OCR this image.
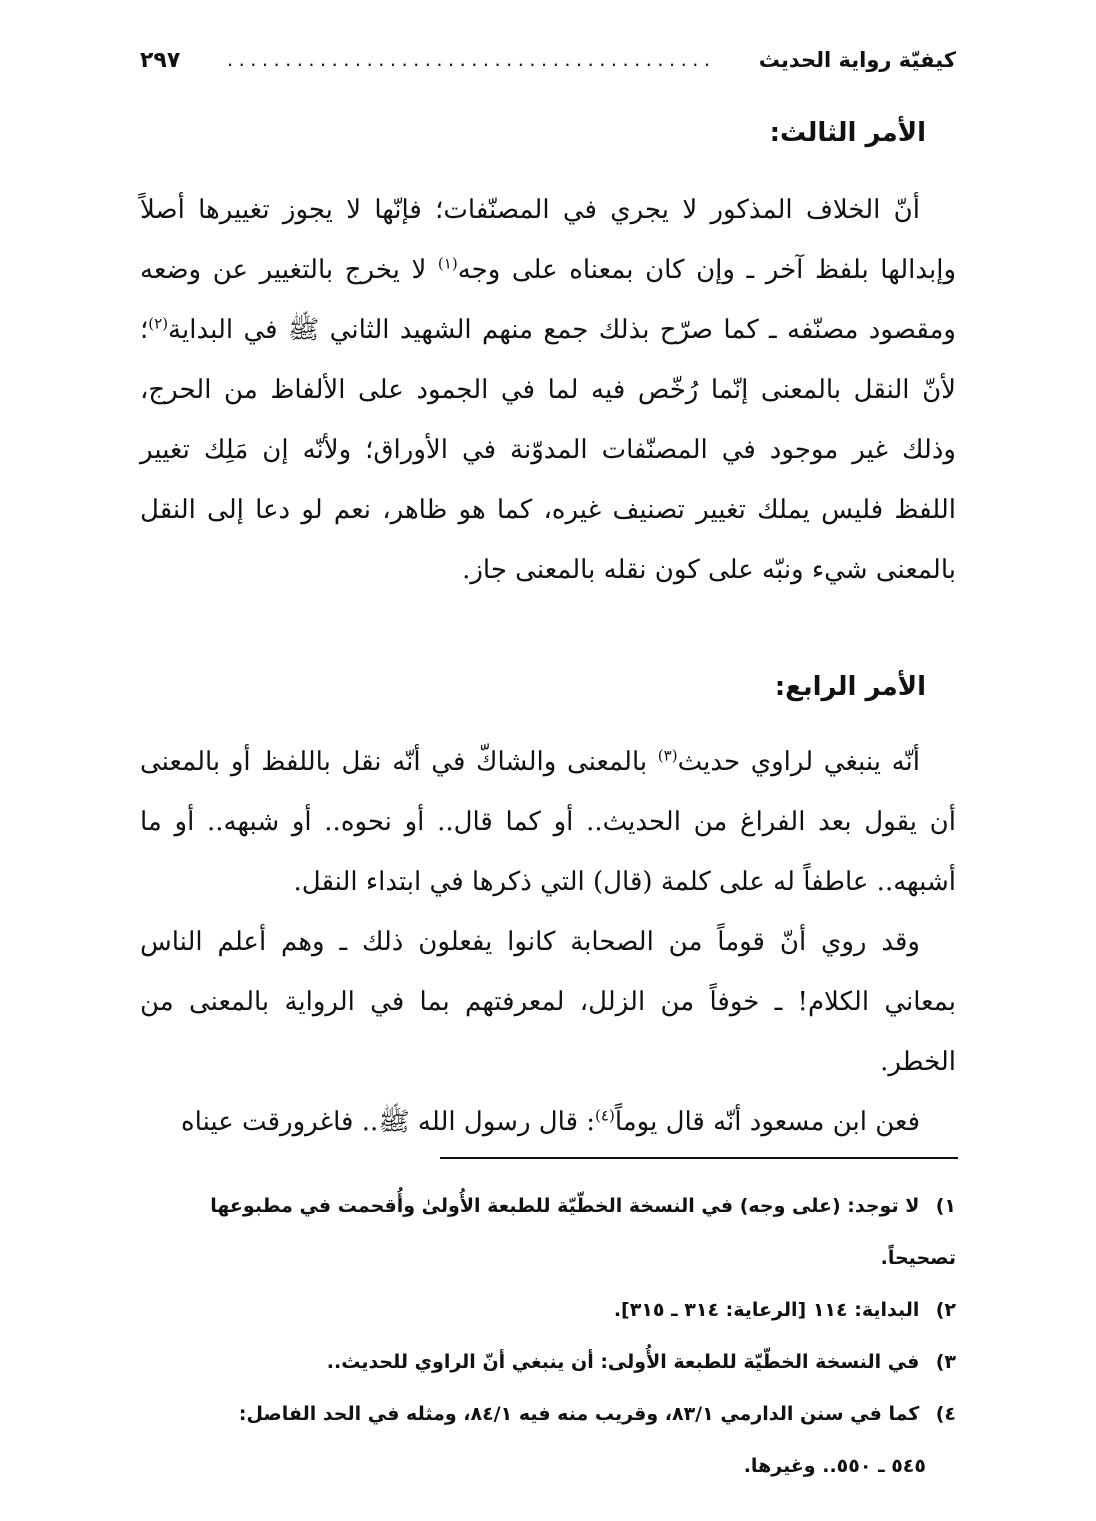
كيفيّة رواية الحديث
..........................................
٢٩٧
الأمر الثالث:

أنّ الخلاف المذكور لا يجري في المصنّفات؛ فإنّها لا يجوز تغييرها أصلاً وإبدالها بلفظ آخر ـ وإن كان بمعناه على وجه$^{(١)}$ لا يخرج بالتغيير عن وضعه ومقصود مصنّفه ـ كما صرّح بذلك جمع منهم الشهيد الثاني ﷺ في البداية$^{(٢)}$؛ لأنّ النقل بالمعنى إنّما رُخّص فيه لما في الجمود على الألفاظ من الحرج، وذلك غير موجود في المصنّفات المدوّنة في الأوراق؛ ولأنّه إن مَلِك تغيير اللفظ فليس يملك تغيير تصنيف غيره، كما هو ظاهر، نعم لو دعا إلى النقل بالمعنى شيء ونبّه على كون نقله بالمعنى جاز.

الأمر الرابع:

أنّه ينبغي لراوي حديث$^{(٣)}$ بالمعنى والشاكّ في أنّه نقل باللفظ أو بالمعنى أن يقول بعد الفراغ من الحديث.. أو كما قال.. أو نحوه.. أو شبهه.. أو ما أشبهه.. عاطفاً له على كلمة (قال) التي ذكرها في ابتداء النقل.

وقد روي أنّ قوماً من الصحابة كانوا يفعلون ذلك ـ وهم أعلم الناس بمعاني الكلام! ـ خوفاً من الزلل، لمعرفتهم بما في الرواية بالمعنى من الخطر.

فعن ابن مسعود أنّه قال يوماً$^{(٤)}$: قال رسول الله ﷺ.. فاغرورقت عيناه

١) لا توجد: (على وجه) في النسخة الخطّيّة للطبعة الأُولىٰ وأُقحمت في مطبوعها تصحيحاً.

٢) البداية: ١١٤ [الرعاية: ٣١٤ ـ ٣١٥].

٣) في النسخة الخطّيّة للطبعة الأُولى: أن ينبغي أنّ الراوي للحديث..

٤) كما في سنن الدارمي ٨٣/١، وقريب منه فيه ٨٤/١، ومثله في الحد الفاصل:

٥٤٥ ـ ٥٥٠.. وغيرها.
